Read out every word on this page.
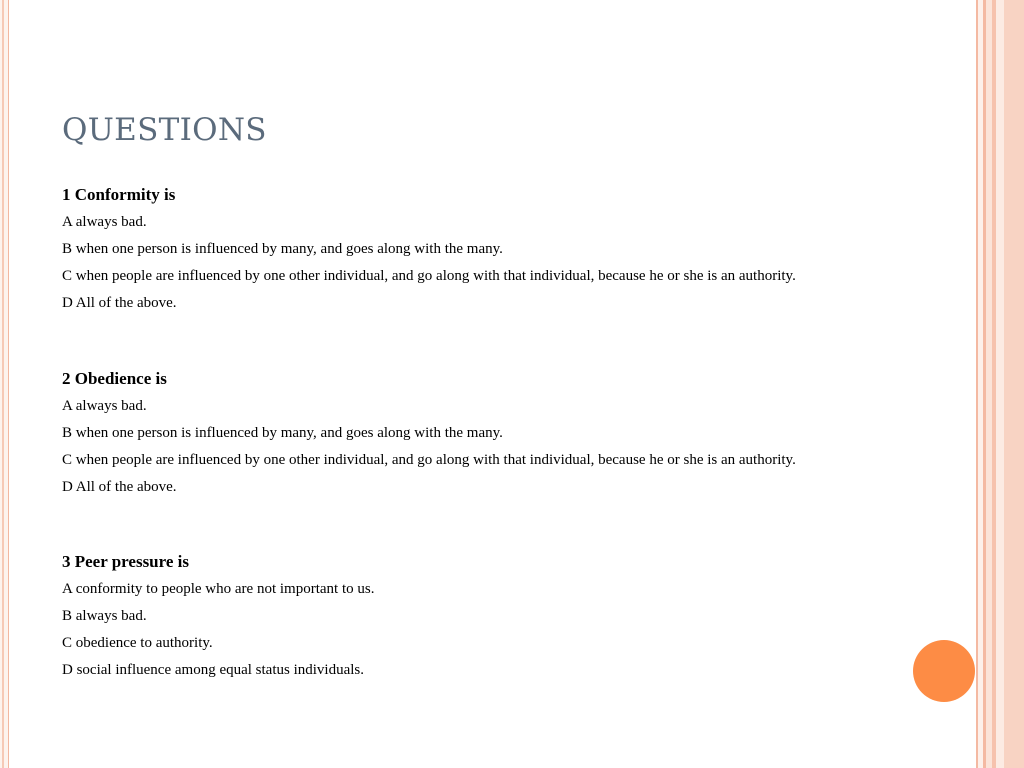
QUESTIONS
1 Conformity is
A always bad.
B when one person is influenced by many, and goes along with the many.
C when people are influenced by one other individual, and go along with that individual, because he or she is an authority.
D All of the above.
2 Obedience is
A always bad.
B when one person is influenced by many, and goes along with the many.
C when people are influenced by one other individual, and go along with that individual, because he or she is an authority.
D All of the above.
3 Peer pressure is
A conformity to people who are not important to us.
B always bad.
C obedience to authority.
D social influence among equal status individuals.
